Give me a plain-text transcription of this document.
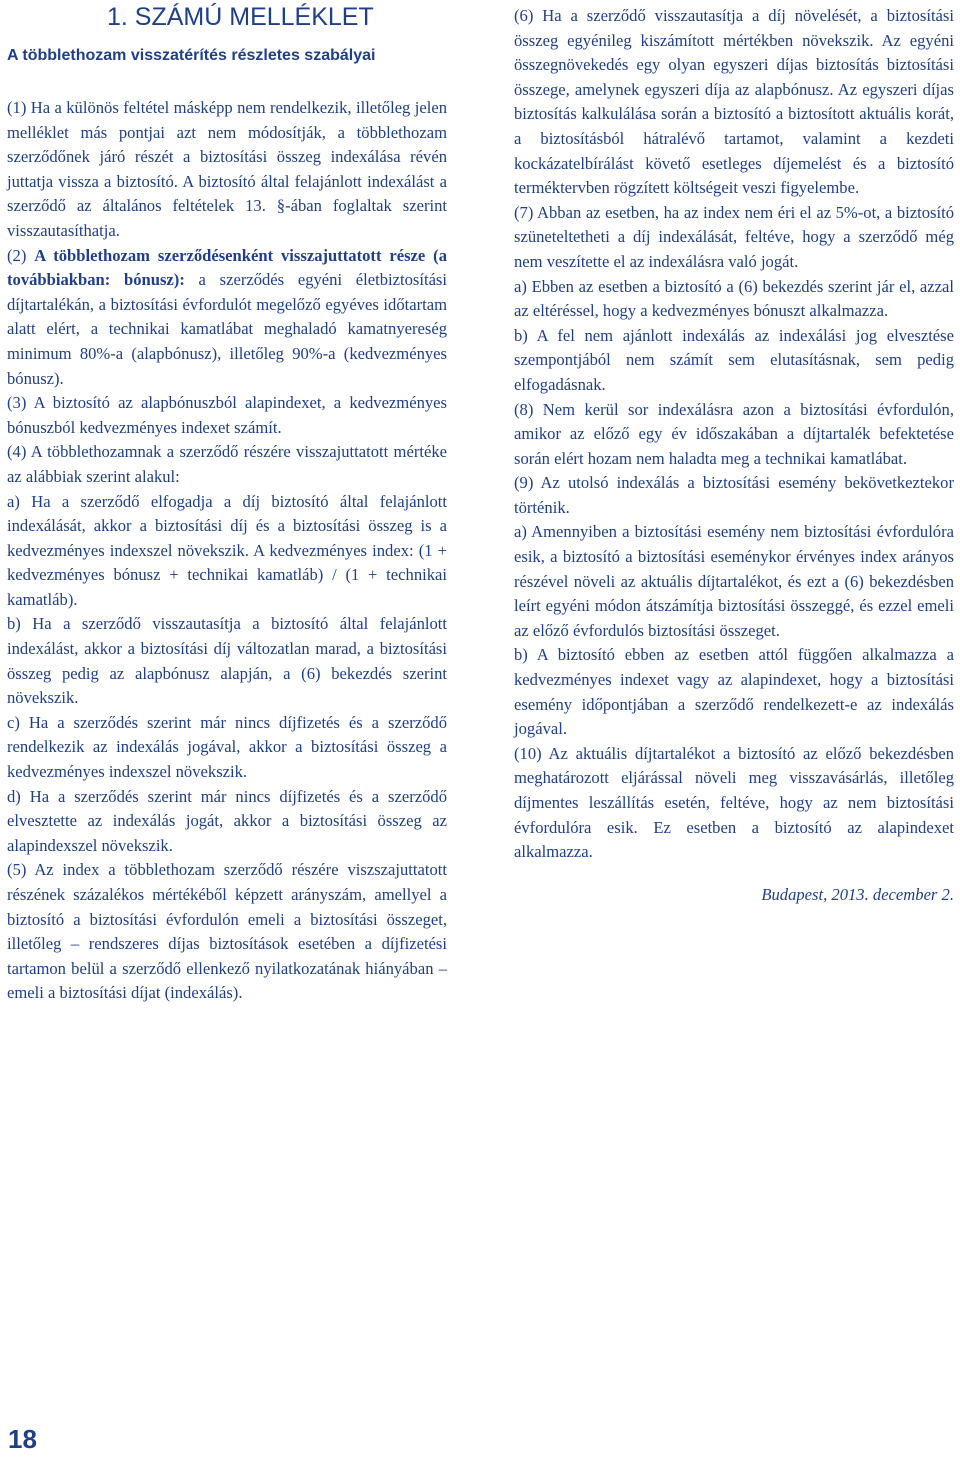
1. SZÁMÚ MELLÉKLET
A többlethozam visszatérítés részletes szabályai

(1) Ha a különös feltétel másképp nem rendelkezik, illetőleg jelen melléklet más pontjai azt nem módosítják, a többlethozam szerződőnek járó részét a biztosítási összeg indexálása révén juttatja vissza a biztosító. A biztosító által felajánlott indexálást a szerződő az általános feltételek 13. §-ában foglaltak szerint visszautasíthatja.

(2) A többlethozam szerződésenként visszajuttatott része (a továbbiakban: bónusz): a szerződés egyéni életbiztosítási díjtartalékán, a biztosítási évfordulót megelőző egyéves időtartam alatt elért, a technikai kamatlábat meghaladó kamatnyereség minimum 80%-a (alapbónusz), illetőleg 90%-a (kedvezményes bónusz).

(3) A biztosító az alapbónuszból alapindexet, a kedvezményes bónuszból kedvezményes indexet számít.

(4) A többlethozamnak a szerződő részére visszajuttatott mértéke az alábbiak szerint alakul:

a) Ha a szerződő elfogadja a díj biztosító által felajánlott indexálását, akkor a biztosítási díj és a biztosítási összeg is a kedvezményes indexszel növekszik. A kedvezményes index: (1 + kedvezményes bónusz + technikai kamatláb) / (1 + technikai kamatláb).

b) Ha a szerződő visszautasítja a biztosító által felajánlott indexálást, akkor a biztosítási díj változatlan marad, a biztosítási összeg pedig az alapbónusz alapján, a (6) bekezdés szerint növekszik.

c) Ha a szerződés szerint már nincs díjfizetés és a szerződő rendelkezik az indexálás jogával, akkor a biztosítási összeg a kedvezményes indexszel növekszik.

d) Ha a szerződés szerint már nincs díjfizetés és a szerződő elvesztette az indexálás jogát, akkor a biztosítási összeg az alapindexszel növekszik.

(5) Az index a többlethozam szerződő részére viszszajuttatott részének százalékos mértékéből képzett arányszám, amellyel a biztosító a biztosítási évfordulón emeli a biztosítási összeget, illetőleg – rendszeres díjas biztosítások esetében a díjfizetési tartamon belül a szerződő ellenkező nyilatkozatának hiányában – emeli a biztosítási díjat (indexálás).

(6) Ha a szerződő visszautasítja a díj növelését, a biztosítási összeg egyénileg kiszámított mértékben növekszik. Az egyéni összegnövekedés egy olyan egyszeri díjas biztosítás biztosítási összege, amelynek egyszeri díja az alapbónusz. Az egyszeri díjas biztosítás kalkulálása során a biztosító a biztosított aktuális korát, a biztosításból hátralévő tartamot, valamint a kezdeti kockázatelbírálást követő esetleges díjemelést és a biztosító terméktervben rögzített költségeit veszi figyelembe.

(7) Abban az esetben, ha az index nem éri el az 5%-ot, a biztosító szüneteltetheti a díj indexálását, feltéve, hogy a szerződő még nem veszítette el az indexálásra való jogát.

a) Ebben az esetben a biztosító a (6) bekezdés szerint jár el, azzal az eltéréssel, hogy a kedvezményes bónuszt alkalmazza.

b) A fel nem ajánlott indexálás az indexálási jog elvesztése szempontjából nem számít sem elutasításnak, sem pedig elfogadásnak.

(8) Nem kerül sor indexálásra azon a biztosítási évfordulón, amikor az előző egy év időszakában a díjtartalék befektetése során elért hozam nem haladta meg a technikai kamatlábat.

(9) Az utolsó indexálás a biztosítási esemény bekövetkeztekor történik.

a) Amennyiben a biztosítási esemény nem biztosítási évfordulóra esik, a biztosító a biztosítási eseménykor érvényes index arányos részével növeli az aktuális díjtartalékot, és ezt a (6) bekezdésben leírt egyéni módon átszámítja biztosítási összeggé, és ezzel emeli az előző évfordulós biztosítási összeget.

b) A biztosító ebben az esetben attól függően alkalmazza a kedvezményes indexet vagy az alapindexet, hogy a biztosítási esemény időpontjában a szerződő rendelkezett-e az indexálás jogával.

(10) Az aktuális díjtartalékot a biztosító az előző bekezdésben meghatározott eljárással növeli meg visszavásárlás, illetőleg díjmentes leszállítás esetén, feltéve, hogy az nem biztosítási évfordulóra esik. Ez esetben a biztosító az alapindexet alkalmazza.

Budapest, 2013. december 2.

18
